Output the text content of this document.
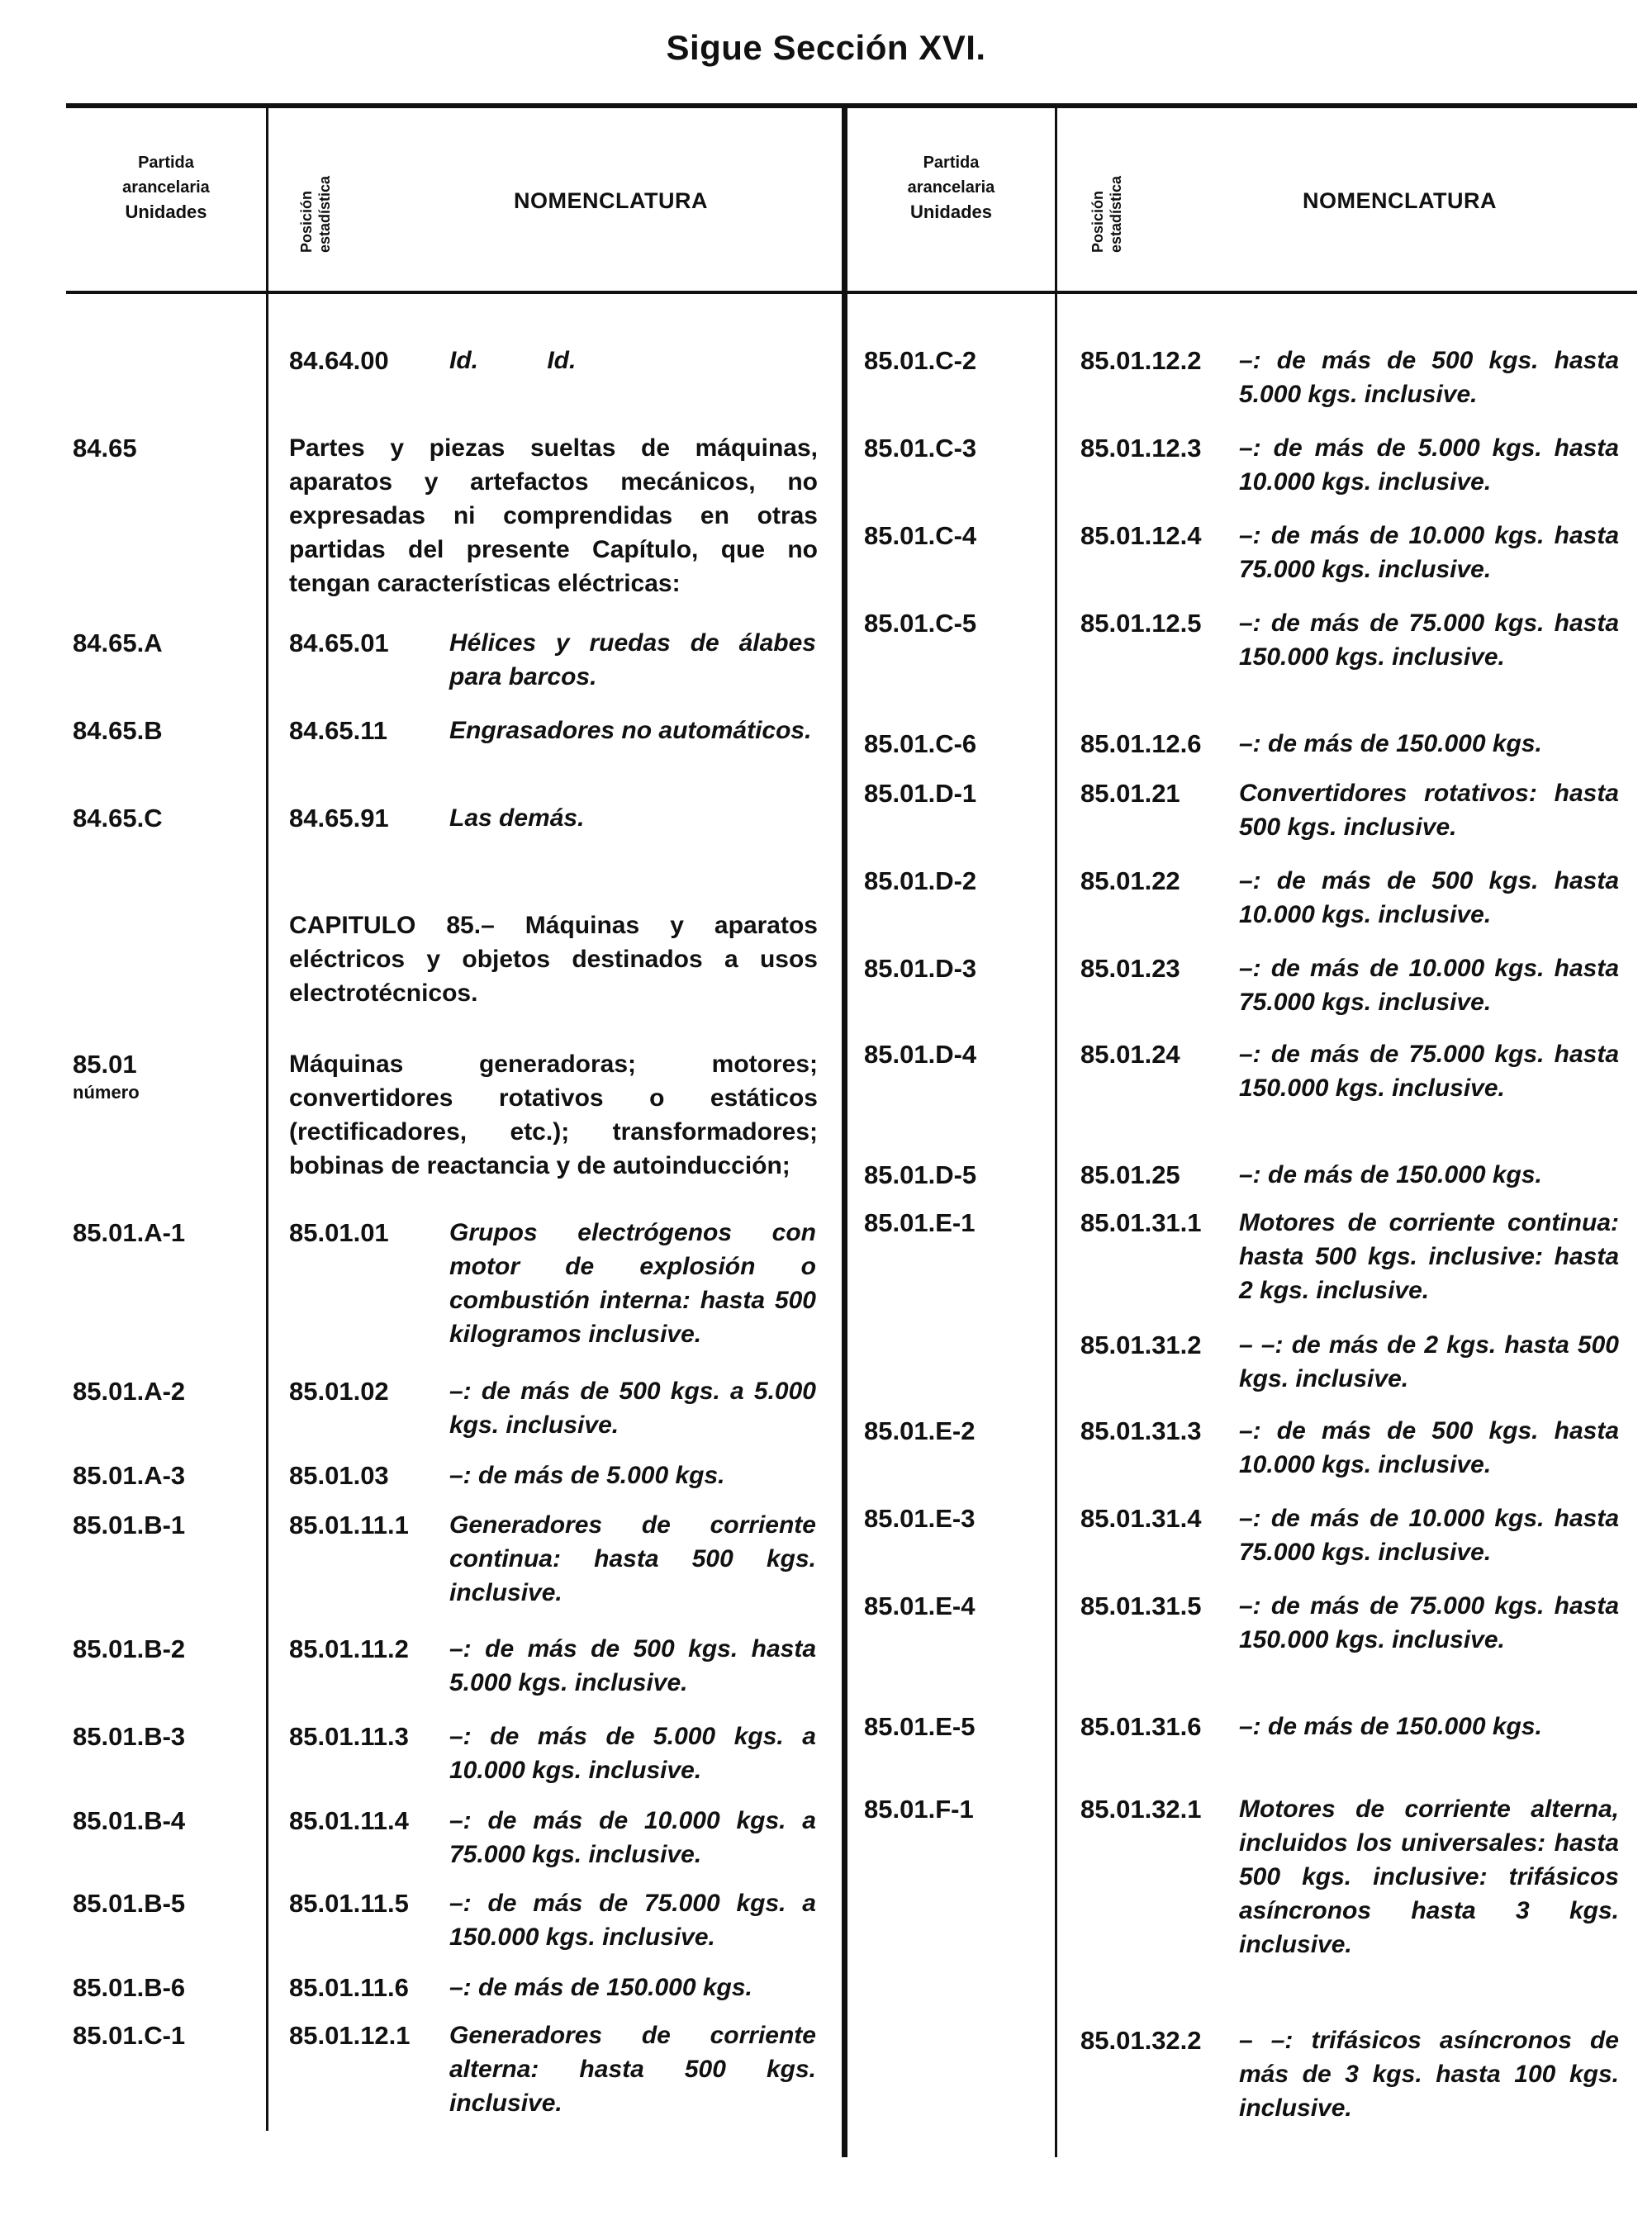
Sigue Sección XVI.
Partida
arancelaria
Unidades	Posición estadística	NOMENCLATURA
Partida
arancelaria
Unidades	Posición estadística	NOMENCLATURA
84.64.00 Id.          Id.
84.65	Partes y piezas sueltas de máquinas, aparatos y artefactos mecánicos, no expresadas ni comprendidas en otras partidas del presente Capítulo, que no tengan características eléctricas:
84.65.A	84.65.01 Hélices y ruedas de álabes para barcos.
84.65.B	84.65.11	Engrasadores no automáticos.
84.65.C	84.65.91 Las demás.
CAPITULO 85.– Máquinas y aparatos eléctricos y objetos destinados a usos electrotécnicos.
85.01
número
Máquinas generadoras; motores; convertidores rotativos o estáticos (rectificadores, etc.); transformadores; bobinas de reactancia y de autoinducción;
85.01.A-1	85.01.01 Grupos electrógenos con motor de explosión o combustión interna: hasta 500 kilogramos inclusive.
85.01.A-2	85.01.02 –: de más de 500 kgs. a 5.000 kgs. inclusive.
85.01.A-3	85.01.03 –: de más de 5.000 kgs.
85.01.B-1	85.01.11.1 Generadores de corriente continua: hasta 500 kgs. inclusive.
85.01.B-2	85.01.11.2 –: de más de 500 kgs. hasta 5.000 kgs. inclusive.
85.01.B-3	85.01.11.3 –: de más de 5.000 kgs. a 10.000 kgs. inclusive.
85.01.B-4	85.01.11.4 –: de más de 10.000 kgs. a 75.000 kgs. inclusive.
85.01.B-5	85.01.11.5 –: de más de 75.000 kgs. a 150.000 kgs. inclusive.
85.01.B-6	85.01.11.6 –: de más de 150.000 kgs.
85.01.C-1	85.01.12.1 Generadores de corriente alterna: hasta 500 kgs. inclusive.
85.01.C-2	85.01.12.2 –: de más de 500 kgs. hasta 5.000 kgs. inclusive.
85.01.C-3	85.01.12.3 –: de más de 5.000 kgs. hasta 10.000 kgs. inclusive.
85.01.C-4	85.01.12.4 –: de más de 10.000 kgs. hasta 75.000 kgs. inclusive.
85.01.C-5	85.01.12.5 –: de más de 75.000 kgs. hasta 150.000 kgs. inclusive.
85.01.C-6	85.01.12.6 –: de más de 150.000 kgs.
85.01.D-1	85.01.21 Convertidores rotativos: hasta 500 kgs. inclusive.
85.01.D-2	85.01.22 –: de más de 500 kgs. hasta 10.000 kgs. inclusive.
85.01.D-3	85.01.23 –: de más de 10.000 kgs. hasta 75.000 kgs. inclusive.
85.01.D-4	85.01.24 –: de más de 75.000 kgs. hasta 150.000 kgs. inclusive.
85.01.D-5	85.01.25 –: de más de 150.000 kgs.
85.01.E-1	85.01.31.1 Motores de corriente continua: hasta 500 kgs. inclusive: hasta 2 kgs. inclusive.
85.01.31.2 – –: de más de 2 kgs. hasta 500 kgs. inclusive.
85.01.E-2	85.01.31.3 –: de más de 500 kgs. hasta 10.000 kgs. inclusive.
85.01.E-3	85.01.31.4 –: de más de 10.000 kgs. hasta 75.000 kgs. inclusive.
85.01.E-4	85.01.31.5 –: de más de 75.000 kgs. hasta 150.000 kgs. inclusive.
85.01.E-5	85.01.31.6 –: de más de 150.000 kgs.
85.01.F-1	85.01.32.1 Motores de corriente alterna, incluidos los universales: hasta 500 kgs. inclusive: trifásicos asíncronos hasta 3 kgs. inclusive.
85.01.32.2 – –: trifásicos asíncronos de más de 3 kgs. hasta 100 kgs. inclusive.
